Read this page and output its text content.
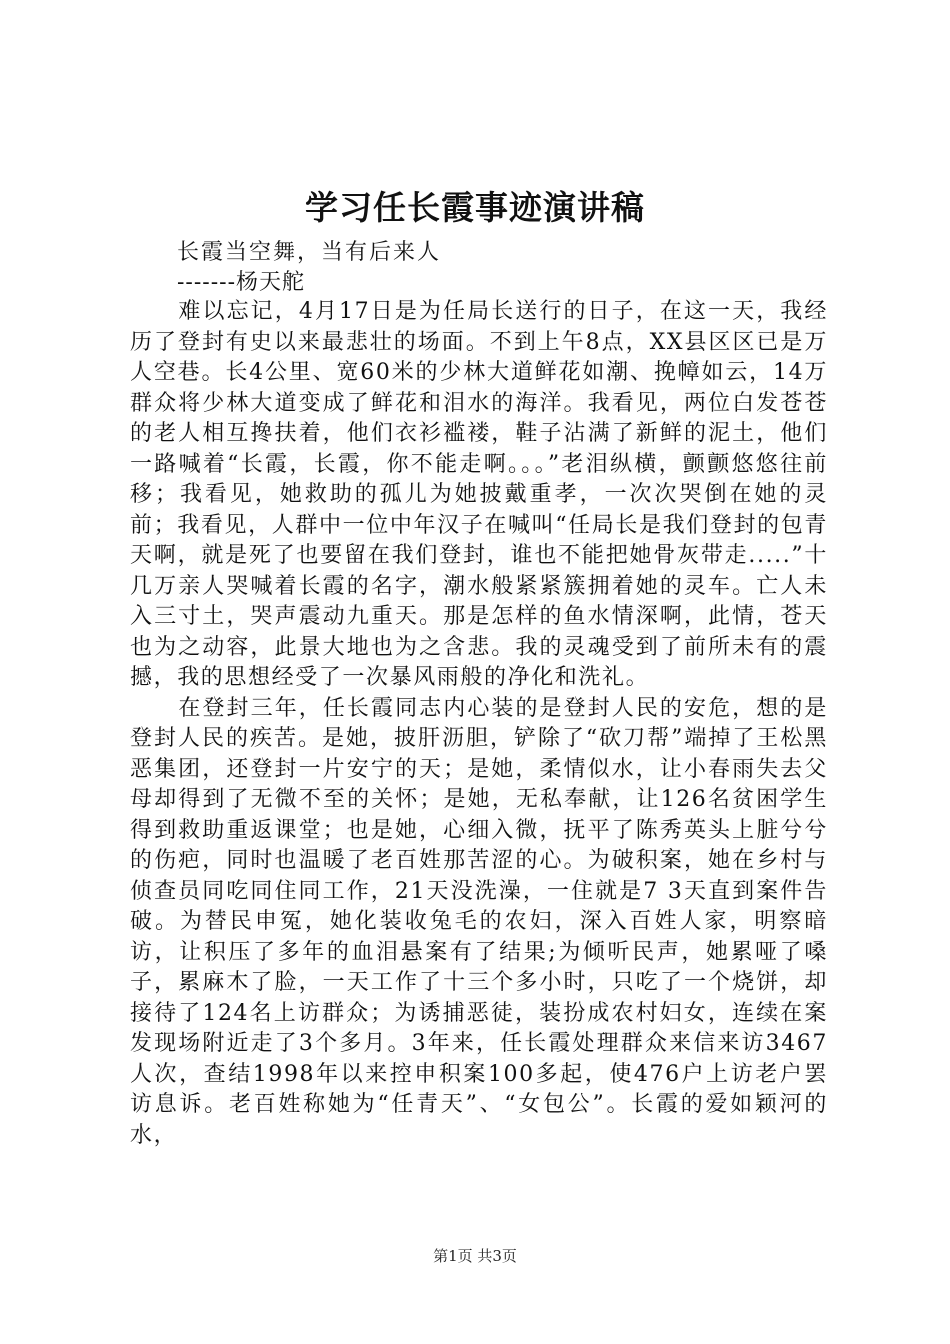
学习任长霞事迹演讲稿
长霞当空舞，当有后来人
-------杨天舵

难以忘记，4月17日是为任局长送行的日子，在这一天，我经历了登封有史以来最悲壮的场面。不到上午8点，XX县区区已是万人空巷。长4公里、宽60米的少林大道鲜花如潮、挽幛如云，14万群众将少林大道变成了鲜花和泪水的海洋。我看见，两位白发苍苍的老人相互搀扶着，他们衣衫褴褛，鞋子沾满了新鲜的泥土，他们一路喊着“长霞，长霞，你不能走啊。。。”老泪纵横，颤颤悠悠往前移；我看见，她救助的孤儿为她披戴重孝，一次次哭倒在她的灵前；我看见，人群中一位中年汉子在喊叫“任局长是我们登封的包青天啊，就是死了也要留在我们登封，谁也不能把她骨灰带走.....”十几万亲人哭喊着长霞的名字，潮水般紧紧簇拥着她的灵车。亡人未入三寸土，哭声震动九重天。那是怎样的鱼水情深啊，此情，苍天也为之动容，此景大地也为之含悲。我的灵魂受到了前所未有的震撼，我的思想经受了一次暴风雨般的净化和洗礼。

在登封三年，任长霞同志内心装的是登封人民的安危，想的是登封人民的疾苦。是她，披肝沥胆，铲除了“砍刀帮”端掉了王松黑恶集团，还登封一片安宁的天；是她，柔情似水，让小春雨失去父母却得到了无微不至的关怀；是她，无私奉献，让126名贫困学生得到救助重返课堂；也是她，心细入微，抚平了陈秀英头上脏兮兮的伤疤，同时也温暖了老百姓那苦涩的心。为破积案，她在乡村与侦查员同吃同住同工作，21天没洗澡，一住就是7 3天直到案件告破。为替民申冤，她化装收兔毛的农妇，深入百姓人家，明察暗访，让积压了多年的血泪悬案有了结果;为倾听民声，她累哑了嗓子，累麻木了脸，一天工作了十三个多小时，只吃了一个烧饼，却接待了124名上访群众；为诱捕恶徒，装扮成农村妇女，连续在案发现场附近走了3个多月。3年来，任长霞处理群众来信来访3467人次，查结1998年以来控申积案100多起，使476户上访老户罢访息诉。老百姓称她为“任青天”、“女包公”。长霞的爱如颖河的水，

第1页 共3页
